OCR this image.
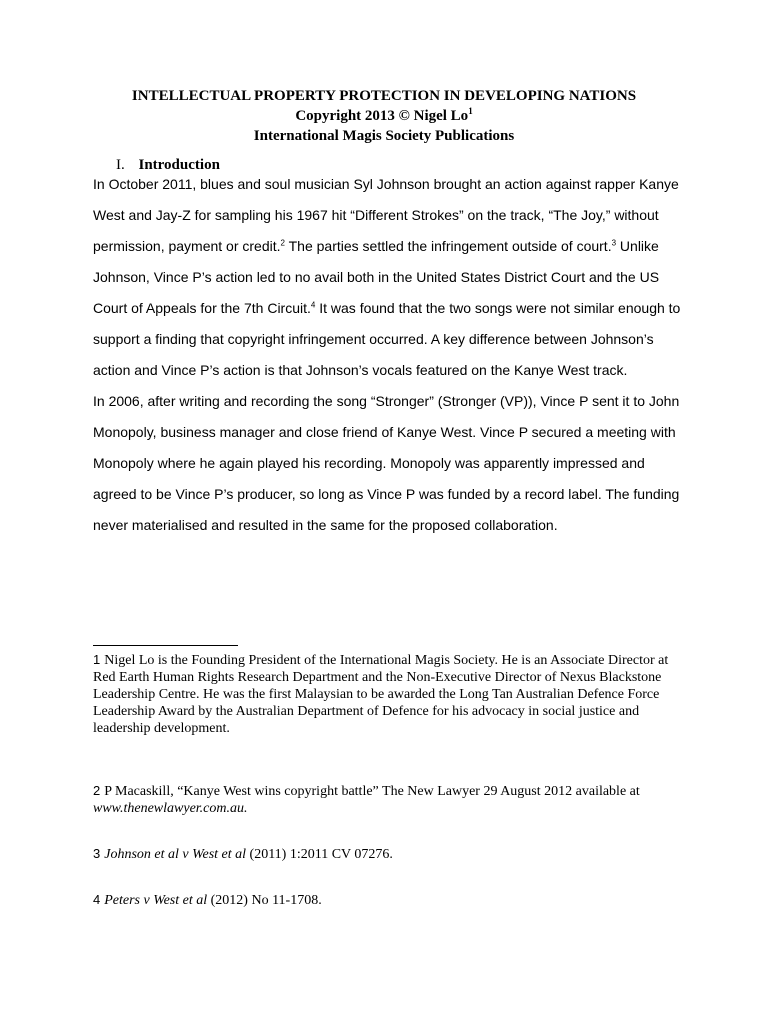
INTELLECTUAL PROPERTY PROTECTION IN DEVELOPING NATIONS
Copyright 2013 © Nigel Lo$^1$
International Magis Society Publications
I. Introduction

In October 2011, blues and soul musician Syl Johnson brought an action against rapper Kanye West and Jay-Z for sampling his 1967 hit “Different Strokes” on the track, “The Joy,” without permission, payment or credit.$^2$ The parties settled the infringement outside of court.$^3$ Unlike Johnson, Vince P’s action led to no avail both in the United States District Court and the US Court of Appeals for the 7th Circuit.$^4$ It was found that the two songs were not similar enough to support a finding that copyright infringement occurred. A key difference between Johnson’s action and Vince P’s action is that Johnson’s vocals featured on the Kanye West track.

In 2006, after writing and recording the song “Stronger” (Stronger (VP)), Vince P sent it to John Monopoly, business manager and close friend of Kanye West. Vince P secured a meeting with Monopoly where he again played his recording. Monopoly was apparently impressed and agreed to be Vince P’s producer, so long as Vince P was funded by a record label. The funding never materialised and resulted in the same for the proposed collaboration.

1 Nigel Lo is the Founding President of the International Magis Society. He is an Associate Director at Red Earth Human Rights Research Department and the Non-Executive Director of Nexus Blackstone Leadership Centre. He was the first Malaysian to be awarded the Long Tan Australian Defence Force Leadership Award by the Australian Department of Defence for his advocacy in social justice and leadership development.
2 P Macaskill, “Kanye West wins copyright battle” The New Lawyer 29 August 2012 available at
www.thenewlawyer.com.au.
3 Johnson et al v West et al (2011) 1:2011 CV 07276.
4 Peters v West et al (2012) No 11-1708.
